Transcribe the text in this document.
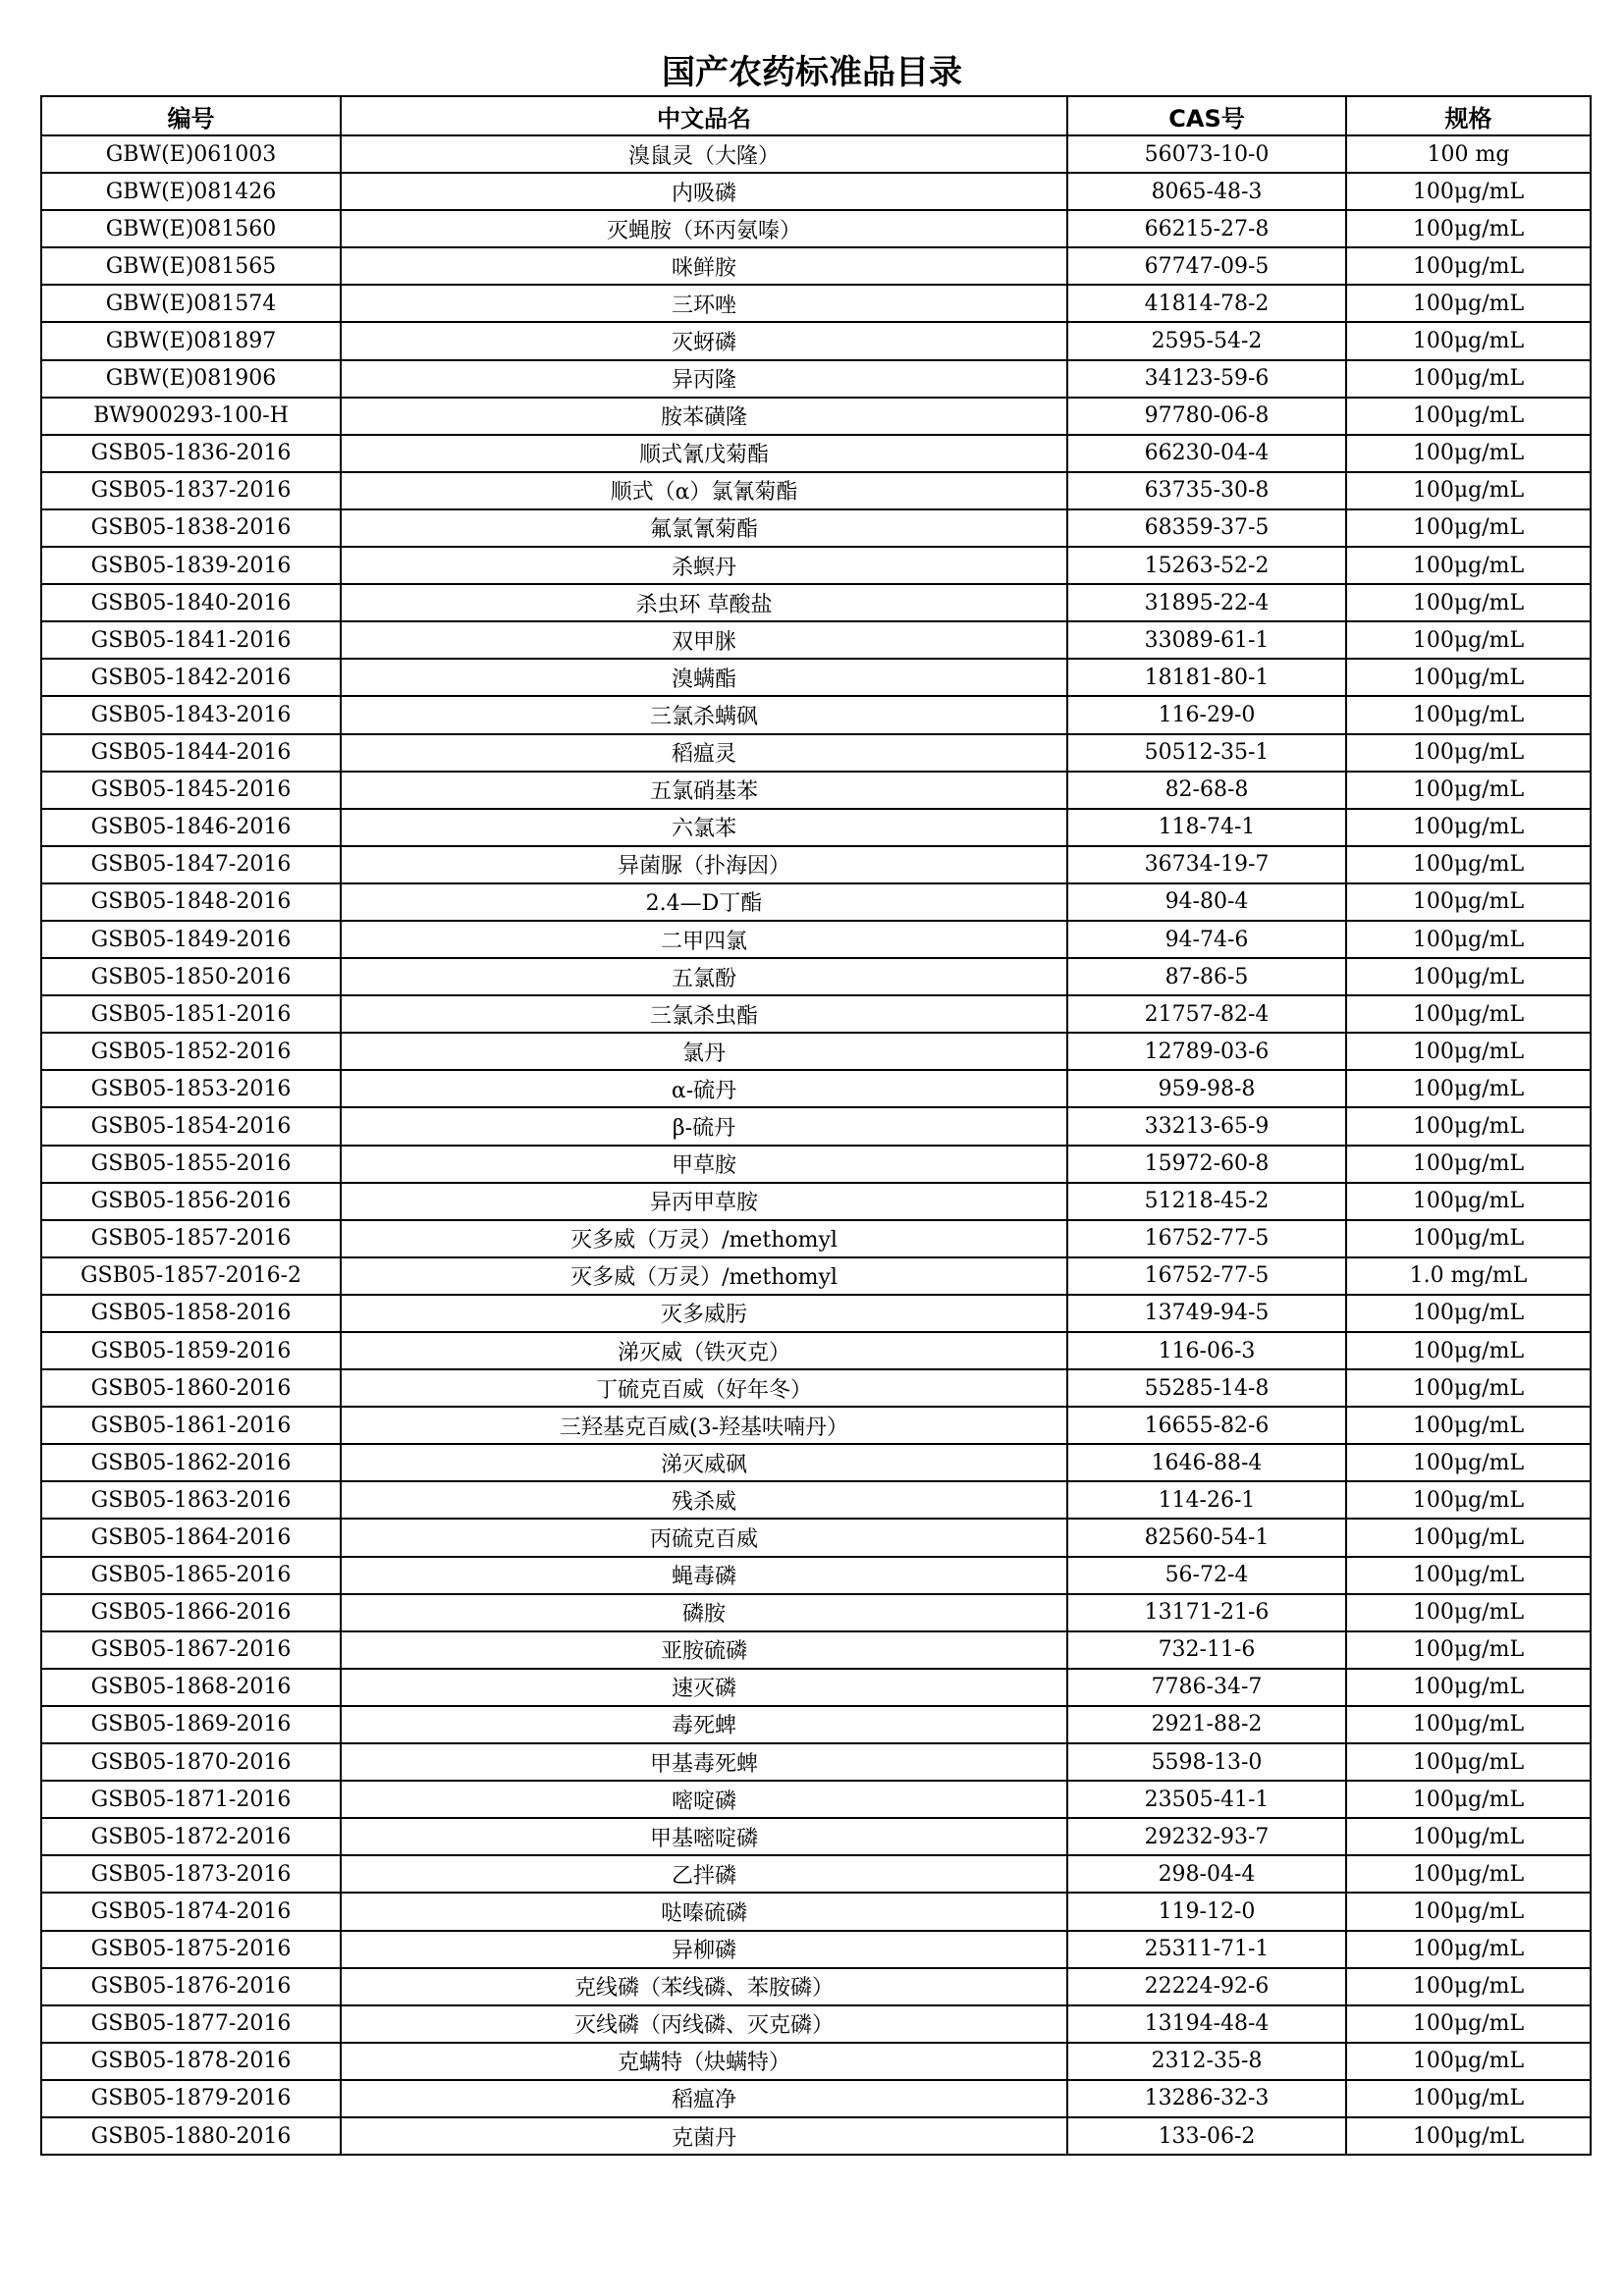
国产农药标准品目录
编号	中文品名	CAS号	规格
GBW(E)061003	溴鼠灵（大隆）	56073-10-0	100 mg
GBW(E)081426	内吸磷	8065-48-3	100μg/mL
GBW(E)081560	灭蝇胺（环丙氨嗪）	66215-27-8	100μg/mL
GBW(E)081565	咪鲜胺	67747-09-5	100μg/mL
GBW(E)081574	三环唑	41814-78-2	100μg/mL
GBW(E)081897	灭蚜磷	2595-54-2	100μg/mL
GBW(E)081906	异丙隆	34123-59-6	100μg/mL
BW900293-100-H	胺苯磺隆	97780-06-8	100μg/mL
GSB05-1836-2016	顺式氰戊菊酯	66230-04-4	100μg/mL
GSB05-1837-2016	顺式（α）氯氰菊酯	63735-30-8	100μg/mL
GSB05-1838-2016	氟氯氰菊酯	68359-37-5	100μg/mL
GSB05-1839-2016	杀螟丹	15263-52-2	100μg/mL
GSB05-1840-2016	杀虫环 草酸盐	31895-22-4	100μg/mL
GSB05-1841-2016	双甲脒	33089-61-1	100μg/mL
GSB05-1842-2016	溴螨酯	18181-80-1	100μg/mL
GSB05-1843-2016	三氯杀螨砜	116-29-0	100μg/mL
GSB05-1844-2016	稻瘟灵	50512-35-1	100μg/mL
GSB05-1845-2016	五氯硝基苯	82-68-8	100μg/mL
GSB05-1846-2016	六氯苯	118-74-1	100μg/mL
GSB05-1847-2016	异菌脲（扑海因）	36734-19-7	100μg/mL
GSB05-1848-2016	2.4—D丁酯	94-80-4	100μg/mL
GSB05-1849-2016	二甲四氯	94-74-6	100μg/mL
GSB05-1850-2016	五氯酚	87-86-5	100μg/mL
GSB05-1851-2016	三氯杀虫酯	21757-82-4	100μg/mL
GSB05-1852-2016	氯丹	12789-03-6	100μg/mL
GSB05-1853-2016	α-硫丹	959-98-8	100μg/mL
GSB05-1854-2016	β-硫丹	33213-65-9	100μg/mL
GSB05-1855-2016	甲草胺	15972-60-8	100μg/mL
GSB05-1856-2016	异丙甲草胺	51218-45-2	100μg/mL
GSB05-1857-2016	灭多威（万灵）/methomyl	16752-77-5	100μg/mL
GSB05-1857-2016-2	灭多威（万灵）/methomyl	16752-77-5	1.0 mg/mL
GSB05-1858-2016	灭多威肟	13749-94-5	100μg/mL
GSB05-1859-2016	涕灭威（铁灭克）	116-06-3	100μg/mL
GSB05-1860-2016	丁硫克百威（好年冬）	55285-14-8	100μg/mL
GSB05-1861-2016	三羟基克百威(3-羟基呋喃丹）	16655-82-6	100μg/mL
GSB05-1862-2016	涕灭威砜	1646-88-4	100μg/mL
GSB05-1863-2016	残杀威	114-26-1	100μg/mL
GSB05-1864-2016	丙硫克百威	82560-54-1	100μg/mL
GSB05-1865-2016	蝇毒磷	56-72-4	100μg/mL
GSB05-1866-2016	磷胺	13171-21-6	100μg/mL
GSB05-1867-2016	亚胺硫磷	732-11-6	100μg/mL
GSB05-1868-2016	速灭磷	7786-34-7	100μg/mL
GSB05-1869-2016	毒死蜱	2921-88-2	100μg/mL
GSB05-1870-2016	甲基毒死蜱	5598-13-0	100μg/mL
GSB05-1871-2016	嘧啶磷	23505-41-1	100μg/mL
GSB05-1872-2016	甲基嘧啶磷	29232-93-7	100μg/mL
GSB05-1873-2016	乙拌磷	298-04-4	100μg/mL
GSB05-1874-2016	哒嗪硫磷	119-12-0	100μg/mL
GSB05-1875-2016	异柳磷	25311-71-1	100μg/mL
GSB05-1876-2016	克线磷（苯线磷、苯胺磷）	22224-92-6	100μg/mL
GSB05-1877-2016	灭线磷（丙线磷、灭克磷）	13194-48-4	100μg/mL
GSB05-1878-2016	克螨特（炔螨特）	2312-35-8	100μg/mL
GSB05-1879-2016	稻瘟净	13286-32-3	100μg/mL
GSB05-1880-2016	克菌丹	133-06-2	100μg/mL
